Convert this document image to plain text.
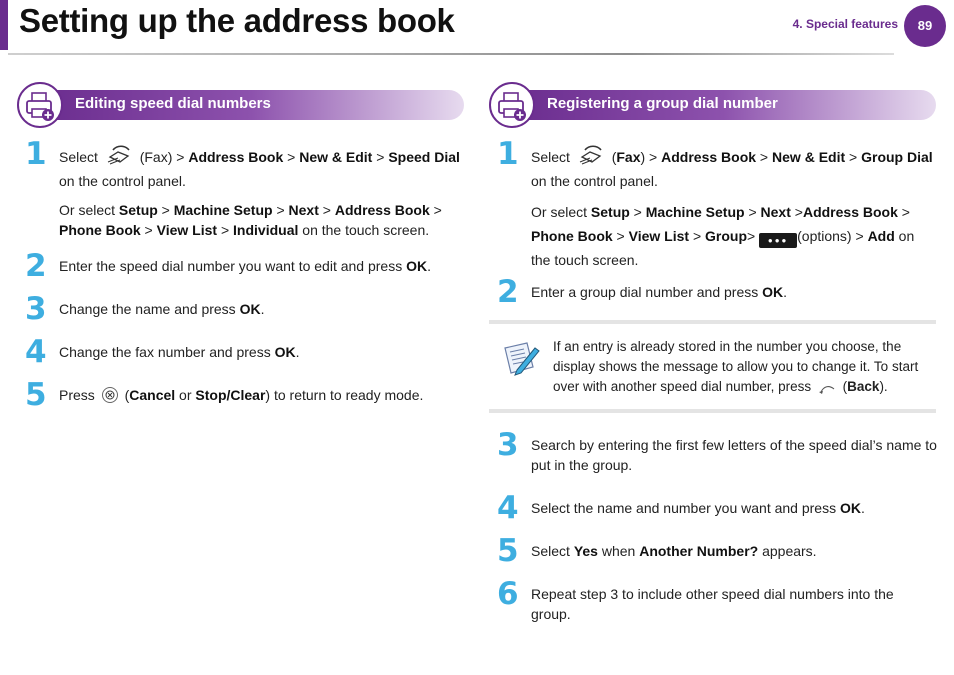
Setting up the address book	4. Special features	89
Editing speed dial numbers
1 Select	(Fax) > Address Book > New & Edit > Speed Dial on the control panel.

Or select Setup > Machine Setup > Next > Address Book > Phone Book > View List > Individual on the touch screen.

2 Enter the speed dial number you want to edit and press OK.

3 Change the name and press OK.

4 Change the fax number and press OK.

5 Press  (Cancel or Stop/Clear) to return to ready mode.

Registering a group dial number
1 Select  (Fax) > Address Book > New & Edit > Group Dial on the control panel.

Or select Setup > Machine Setup > Next >Address Book > Phone Book > View List > Group> ●●● (options) > Add on the touch screen.

2 Enter a group dial number and press OK.

If an entry is already stored in the number you choose, the display shows the message to allow you to change it. To start over with another speed dial number, press  (Back).
3 Search by entering the first few letters of the speed dial’s name to put in the group.

4 Select the name and number you want and press OK.

5 Select Yes when Another Number? appears.

6 Repeat step 3 to include other speed dial numbers into the group.
